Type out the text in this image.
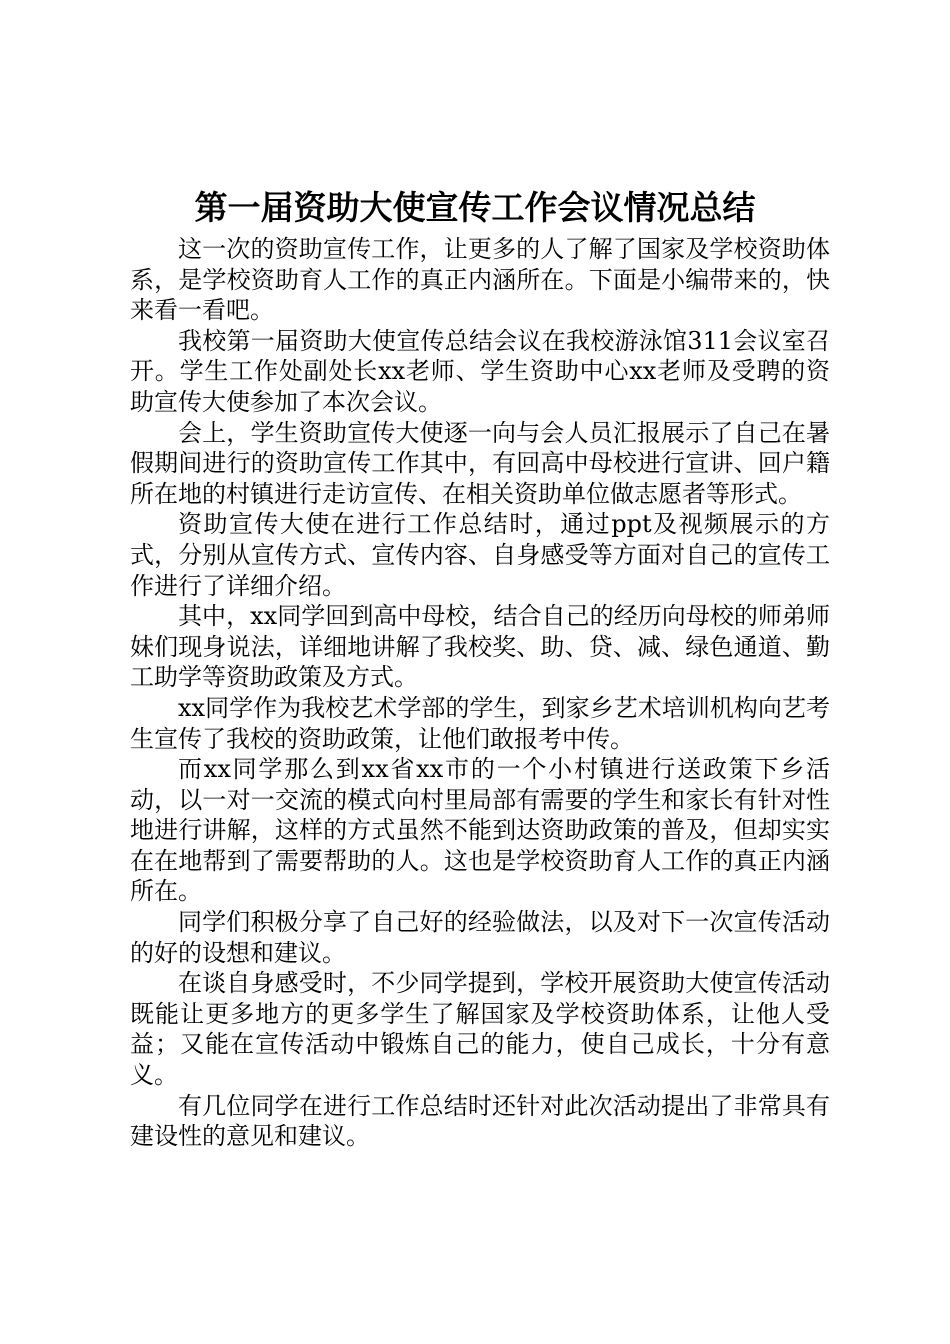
第一届资助大使宣传工作会议情况总结

这一次的资助宣传工作，让更多的人了解了国家及学校资助体系，是学校资助育人工作的真正内涵所在。下面是小编带来的，快来看一看吧。

我校第一届资助大使宣传总结会议在我校游泳馆311会议室召开。学生工作处副处长xx老师、学生资助中心xx老师及受聘的资助宣传大使参加了本次会议。

会上，学生资助宣传大使逐一向与会人员汇报展示了自己在暑假期间进行的资助宣传工作其中，有回高中母校进行宣讲、回户籍所在地的村镇进行走访宣传、在相关资助单位做志愿者等形式。

资助宣传大使在进行工作总结时，通过ppt及视频展示的方式，分别从宣传方式、宣传内容、自身感受等方面对自己的宣传工作进行了详细介绍。

其中，xx同学回到高中母校，结合自己的经历向母校的师弟师妹们现身说法，详细地讲解了我校奖、助、贷、减、绿色通道、勤工助学等资助政策及方式。

xx同学作为我校艺术学部的学生，到家乡艺术培训机构向艺考生宣传了我校的资助政策，让他们敢报考中传。

而xx同学那么到xx省xx市的一个小村镇进行送政策下乡活动，以一对一交流的模式向村里局部有需要的学生和家长有针对性地进行讲解，这样的方式虽然不能到达资助政策的普及，但却实实在在地帮到了需要帮助的人。这也是学校资助育人工作的真正内涵所在。

同学们积极分享了自己好的经验做法，以及对下一次宣传活动的好的设想和建议。

在谈自身感受时，不少同学提到，学校开展资助大使宣传活动既能让更多地方的更多学生了解国家及学校资助体系，让他人受益；又能在宣传活动中锻炼自己的能力，使自己成长，十分有意义。

有几位同学在进行工作总结时还针对此次活动提出了非常具有建设性的意见和建议。
